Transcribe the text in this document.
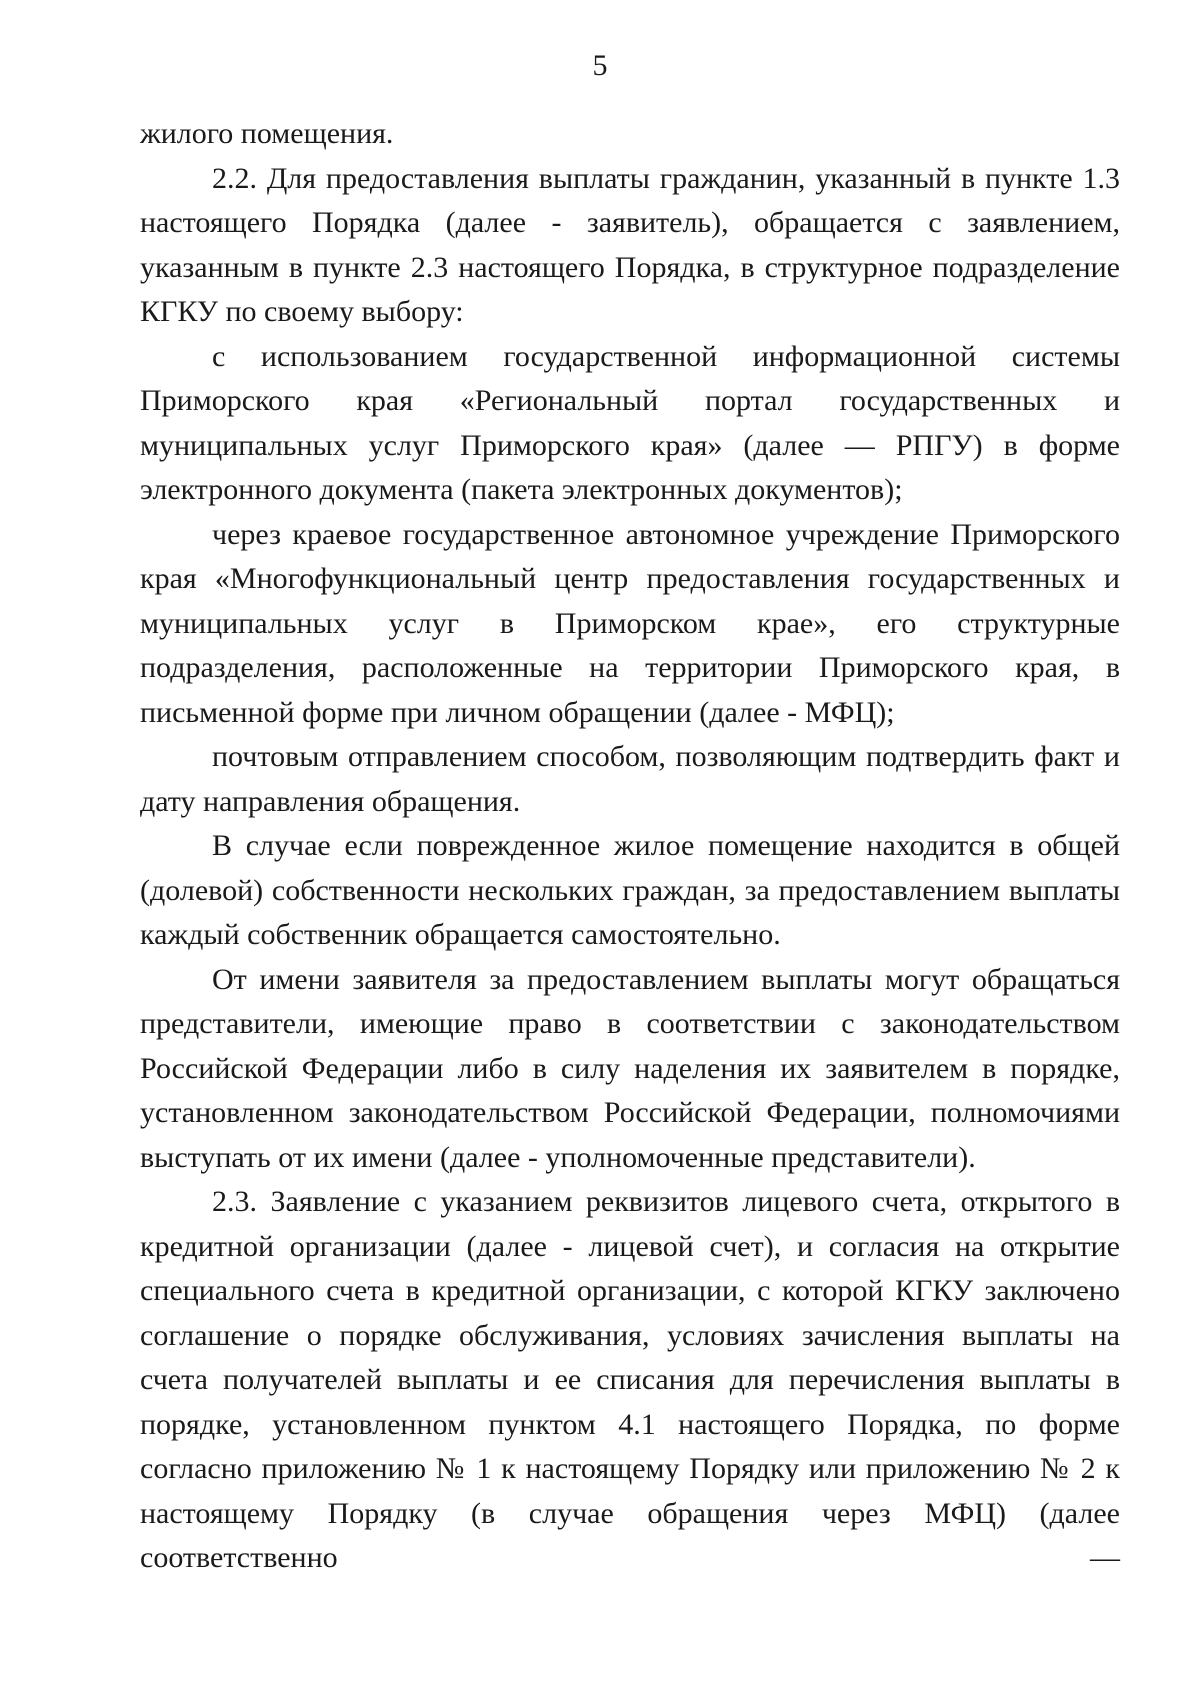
5

жилого помещения.

2.2. Для предоставления выплаты гражданин, указанный в пункте 1.3 настоящего Порядка (далее - заявитель), обращается с заявлением, указанным в пункте 2.3 настоящего Порядка, в структурное подразделение КГКУ по своему выбору:

с использованием государственной информационной системы Приморского края «Региональный портал государственных и муниципальных услуг Приморского края» (далее — РПГУ) в форме электронного документа (пакета электронных документов);

через краевое государственное автономное учреждение Приморского края «Многофункциональный центр предоставления государственных и муниципальных услуг в Приморском крае», его структурные подразделения, расположенные на территории Приморского края, в письменной форме при личном обращении (далее - МФЦ);

почтовым отправлением способом, позволяющим подтвердить факт и дату направления обращения.

В случае если поврежденное жилое помещение находится в общей (долевой) собственности нескольких граждан, за предоставлением выплаты каждый собственник обращается самостоятельно.

От имени заявителя за предоставлением выплаты могут обращаться представители, имеющие право в соответствии с законодательством Российской Федерации либо в силу наделения их заявителем в порядке, установленном законодательством Российской Федерации, полномочиями выступать от их имени (далее - уполномоченные представители).

2.3. Заявление с указанием реквизитов лицевого счета, открытого в кредитной организации (далее - лицевой счет), и согласия на открытие специального счета в кредитной организации, с которой КГКУ заключено соглашение о порядке обслуживания, условиях зачисления выплаты на счета получателей выплаты и ее списания для перечисления выплаты в порядке, установленном пунктом 4.1 настоящего Порядка, по форме согласно приложению № 1 к настоящему Порядку или приложению № 2 к настоящему Порядку (в случае обращения через МФЦ) (далее соответственно —
